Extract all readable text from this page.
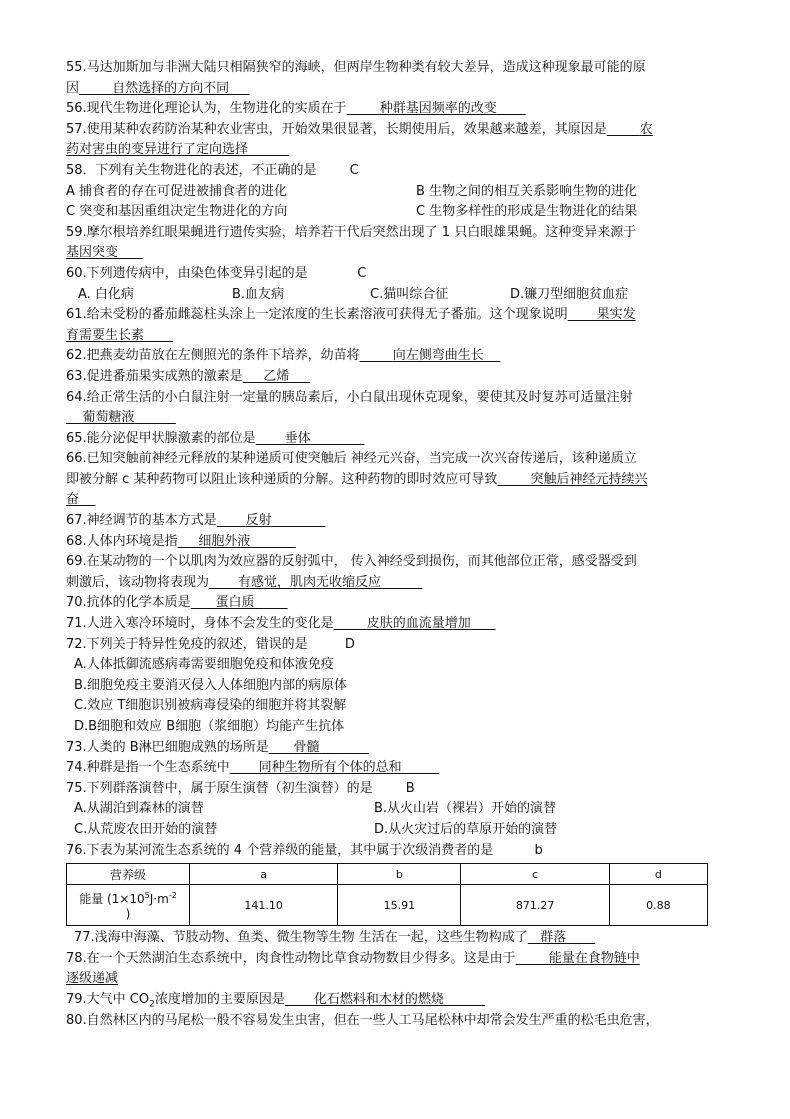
55.马达加斯加与非洲大陆只相隔狭窄的海峡，但两岸生物种类有较大差异，造成这种现象最可能的原
因	自然选择的方向不同
56.现代生物进化理论认为，生物进化的实质在于	种群基因频率的改变
57.使用某种农药防治某种农业害虫，开始效果很显著，长期使用后，效果越来越差，其原因是	农
药对害虫的变异进行了定向选择
58．下列有关生物进化的表述，不正确的是	C
A 捕食者的存在可促进被捕食者的进化	B 生物之间的相互关系影响生物的进化
C 突变和基因重组决定生物进化的方向	C 生物多样性的形成是生物进化的结果
59.摩尔根培养红眼果蝇进行遗传实验，培养若干代后突然出现了 1 只白眼雄果蝇。这种变异来源于
基因突变
60.下列遗传病中，由染色体变异引起的是	C
A. 白化病	B.血友病	C.猫叫综合征	D.镰刀型细胞贫血症
61.给未受粉的番茄雌蕊柱头涂上一定浓度的生长素溶液可获得无子番茄。这个现象说明 果实发
育需要生长素
62.把燕麦幼苗放在左侧照光的条件下培养，幼苗将	向左侧弯曲生长
63.促进番茄果实成熟的激素是 乙烯
64.给正常生活的小白鼠注射一定量的胰岛素后，小白鼠出现休克现象，要使其及时复苏可适量注射
葡萄糖液
65.能分泌促甲状腺激素的部位是 垂体
66.已知突触前神经元释放的某种递质可使突触后 神经元兴奋，当完成一次兴奋传递后，该种递质立
即被分解 c 某种药物可以阻止该种递质的分解。这种药物的即时效应可导致	突触后神经元持续兴
奋
67.神经调节的基本方式是 反射
68.人体内环境是指 细胞外液
69.在某动物的一个以肌肉为效应器的反射弧中， 传入神经受到损伤，而其他部位正常，感受器受到
刺激后，该动物将表现为 有感觉，肌肉无收缩反应
70.抗体的化学本质是 蛋白质
71.人进入寒冷环境时，身体不会发生的变化是	皮肤的血流量增加
72.下列关于特异性免疫的叙述，错误的是	D
A.人体抵御流感病毒需要细胞免疫和体液免疫
B.细胞免疫主要消灭侵入人体细胞内部的病原体
C.效应 T细胞识别被病毒侵染的细胞并将其裂解
D.B细胞和效应 B细胞（浆细胞）均能产生抗体
73.人类的 B淋巴细胞成熟的场所是 骨髓
74.种群是指一个生态系统中 同种生物所有个体的总和
75.下列群落演替中，属于原生演替（初生演替）的是	B
A.从湖泊到森林的演替	B.从火山岩（裸岩）开始的演替
C.从荒废农田开始的演替	D.从火灾过后的草原开始的演替
76.下表为某河流生态系统的 4 个营养级的能量，其中属于次级消费者的是	b
营养级	a	b	c	d
能量 ($1\times 10^5J\cdot m^{-2}$
)	141.10	15.91	871.27	0.88
77.浅海中海藻、节肢动物、鱼类、微生物等生物 生活在一起，这些生物构成了 群落
78.在一个天然湖泊生态系统中，肉食性动物比草食动物数目少得多。这是由于	能量在食物链中
逐级递减
79.大气中 $CO_2$浓度增加的主要原因是 化石燃料和木材的燃烧
80.自然林区内的马尾松一般不容易发生虫害，但在一些人工马尾松林中却常会发生严重的松毛虫危害，
